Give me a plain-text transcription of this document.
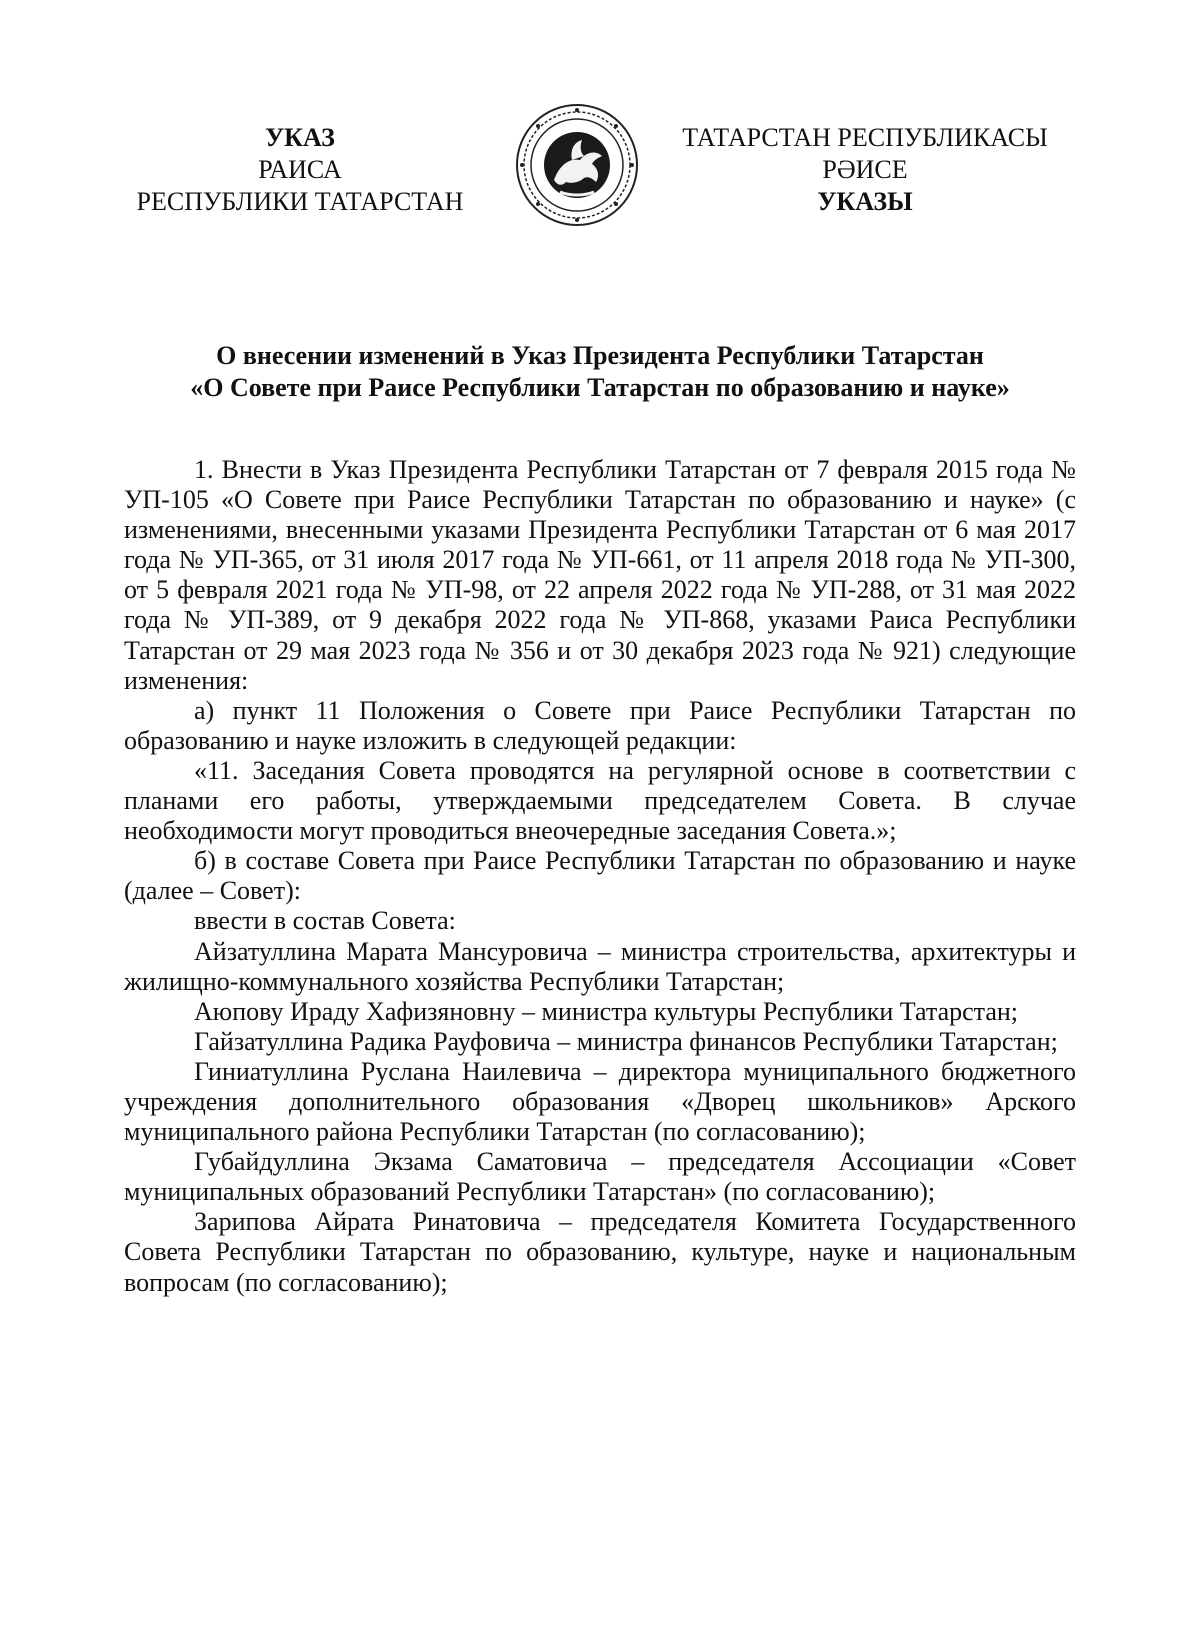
УКАЗ
РАИСА
РЕСПУБЛИКИ ТАТАРСТАН
ТАТАРСТАН РЕСПУБЛИКАСЫ
РӘИСЕ
УКАЗЫ
О внесении изменений в Указ Президента Республики Татарстан
«О Совете при Раисе Республики Татарстан по образованию и науке»

1. Внести в Указ Президента Республики Татарстан от 7 февраля 2015 года № УП-105 «О Совете при Раисе Республики Татарстан по образованию и науке» (с изменениями, внесенными указами Президента Республики Татарстан от 6 мая 2017 года № УП-365, от 31 июля 2017 года № УП-661, от 11 апреля 2018 года № УП-300, от 5 февраля 2021 года № УП-98, от 22 апреля 2022 года № УП-288, от 31 мая 2022 года № УП-389, от 9 декабря 2022 года № УП-868, указами Раиса Республики Татарстан от 29 мая 2023 года № 356 и от 30 декабря 2023 года № 921) следующие изменения:

а) пункт 11 Положения о Совете при Раисе Республики Татарстан по образованию и науке изложить в следующей редакции:

«11. Заседания Совета проводятся на регулярной основе в соответствии с планами его работы, утверждаемыми председателем Совета. В случае необходимости могут проводиться внеочередные заседания Совета.»;

б) в составе Совета при Раисе Республики Татарстан по образованию и науке (далее – Совет):

ввести в состав Совета:

Айзатуллина Марата Мансуровича – министра строительства, архитектуры и жилищно-коммунального хозяйства Республики Татарстан;

Аюпову Ираду Хафизяновну – министра культуры Республики Татарстан;

Гайзатуллина Радика Рауфовича – министра финансов Республики Татарстан;

Гиниатуллина Руслана Наилевича – директора муниципального бюджетного учреждения дополнительного образования «Дворец школьников» Арского муниципального района Республики Татарстан (по согласованию);

Губайдуллина Экзама Саматовича – председателя Ассоциации «Совет муниципальных образований Республики Татарстан» (по согласованию);

Зарипова Айрата Ринатовича – председателя Комитета Государственного Совета Республики Татарстан по образованию, культуре, науке и национальным вопросам (по согласованию);
